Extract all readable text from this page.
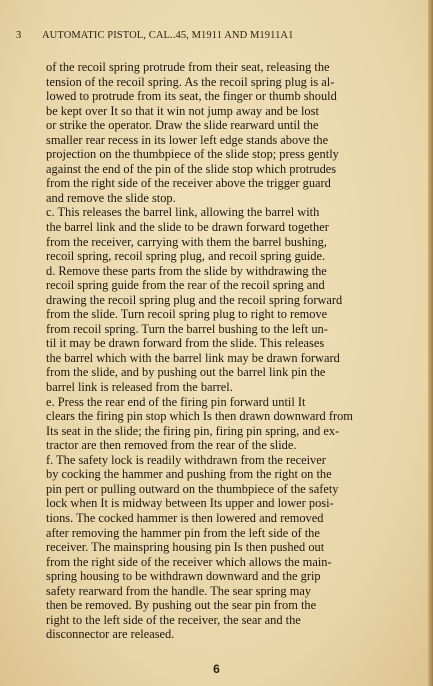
3 AUTOMATIC PISTOL, CAL..45, M1911 AND M1911A1
of the recoil spring protrude from their seat, releasing the
tension of the recoil spring. As the recoil spring plug is al-
lowed to protrude from its seat, the finger or thumb should
be kept over It so that it win not jump away and be lost
or strike the operator. Draw the slide rearward until the
smaller rear recess in its lower left edge stands above the
projection on the thumbpiece of the slide stop; press gently
against the end of the pin of the slide stop which protrudes
from the right side of the receiver above the trigger guard
and remove the slide stop.
c. This releases the barrel link, allowing the barrel with
the barrel link and the slide to be drawn forward together
from the receiver, carrying with them the barrel bushing,
recoil spring, recoil spring plug, and recoil spring guide.
d. Remove these parts from the slide by withdrawing the
recoil spring guide from the rear of the recoil spring and
drawing the recoil spring plug and the recoil spring forward
from the slide. Turn recoil spring plug to right to remove
from recoil spring. Turn the barrel bushing to the left un-
til it may be drawn forward from the slide. This releases
the barrel which with the barrel link may be drawn forward
from the slide, and by pushing out the barrel link pin the
barrel link is released from the barrel.
e. Press the rear end of the firing pin forward until It
clears the firing pin stop which Is then drawn downward from
Its seat in the slide; the firing pin, firing pin spring, and ex-
tractor are then removed from the rear of the slide.
f. The safety lock is readily withdrawn from the receiver
by cocking the hammer and pushing from the right on the
pin pert or pulling outward on the thumbpiece of the safety
lock when It is midway between Its upper and lower posi-
tions. The cocked hammer is then lowered and removed
after removing the hammer pin from the left side of the
receiver. The mainspring housing pin Is then pushed out
from the right side of the receiver which allows the main-
spring housing to be withdrawn downward and the grip
safety rearward from the handle. The sear spring may
then be removed. By pushing out the sear pin from the
right to the left side of the receiver, the sear and the
disconnector are released.
6
